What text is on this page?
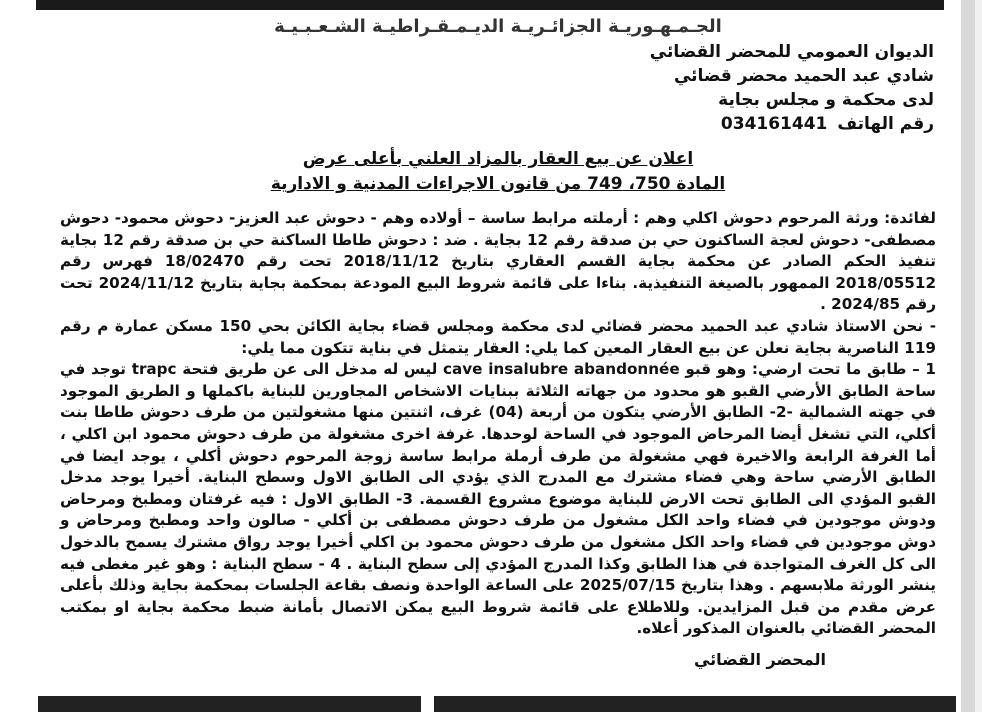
الجـمـهـوريـة الجزائـريـة الديـمـقـراطيـة الشـعـبـيـة
الديوان العمومي للمحضر القضائي
شادي عبد الحميد محضر قضائي
لدى محكمة و مجلس بجاية
رقم الهاتف
034161441
اعلان عن بيع العقار بالمزاد العلني بأعلى عرض
المادة 750، 749 من قانون الاجراءات المدنية و الادارية

لفائدة: ورثة المرحوم دحوش اكلي وهم : أرملته مرابط ساسة – أولاده وهم - دحوش عبد العزيز- دحوش محمود- دحوش مصطفى- دحوش لعجة الساكنون حي بن صدقة رقم 12 بجاية . ضد : دحوش طاطا الساكنة حي بن صدقة رقم 12 بجاية تنفيذ الحكم الصادر عن محكمة بجاية القسم العقاري بتاريخ 2018/11/12 تحت رقم 18/02470 فهرس رقم 2018/05512 الممهور بالصيغة التنفيذية. بناءا على قائمة شروط البيع المودعة بمحكمة بجاية بتاريخ 2024/11/12 تحت رقم 2024/85 .

- نحن الاستاذ شادي عبد الحميد محضر قضائي لدى محكمة ومجلس قضاء بجاية الكائن بحي 150 مسكن عمارة م رقم 119 الناصرية بجاية نعلن عن بيع العقار المعين كما يلي: العقار يتمثل في بناية تتكون مما يلي:

1 – طابق ما تحت ارضي: وهو قبو cave insalubre abandonnée ليس له مدخل الى عن طريق فتحة trapc توجد في ساحة الطابق الأرضي القبو هو محدود من جهاته الثلاثة ببنايات الاشخاص المجاورين للبناية باكملها و الطريق الموجود في جهته الشمالية -2- الطابق الأرضي يتكون من أربعة (04) غرف، اثنتين منها مشغولتين من طرف دحوش طاطا بنت أكلي، التي تشغل أيضا المرحاض الموجود في الساحة لوحدها. غرفة اخرى مشغولة من طرف دحوش محمود ابن اكلي ، أما الغرفة الرابعة والاخيرة فهي مشغولة من طرف أرملة مرابط ساسة زوجة المرحوم دحوش أكلي ، يوجد ايضا في الطابق الأرضي ساحة وهي فضاء مشترك مع المدرج الذي يؤدي الى الطابق الاول وسطح البناية. أخيرا يوجد مدخل القبو المؤدي الى الطابق تحت الارض للبناية موضوع مشروع القسمة. 3- الطابق الاول : فيه غرفتان ومطبخ ومرحاض ودوش موجودين في فضاء واحد الكل مشغول من طرف دحوش مصطفى بن أكلي - صالون واحد ومطبخ ومرحاض و دوش موجودين في فضاء واحد الكل مشغول من طرف دحوش محمود بن اكلي أخيرا يوجد رواق مشترك يسمح بالدخول الى كل الغرف المتواجدة في هذا الطابق وكذا المدرج المؤدي إلى سطح البناية . 4 - سطح البناية : وهو غير مغطى فيه ينشر الورثة ملابسهم . وهذا بتاريخ 2025/07/15 على الساعة الواحدة ونصف بقاعة الجلسات بمحكمة بجاية وذلك بأعلى عرض مقدم من قبل المزايدين. وللاطلاع على قائمة شروط البيع يمكن الاتصال بأمانة ضبط محكمة بجاية او بمكتب المحضر القضائي بالعنوان المذكور أعلاه.

المحضر القضائي
